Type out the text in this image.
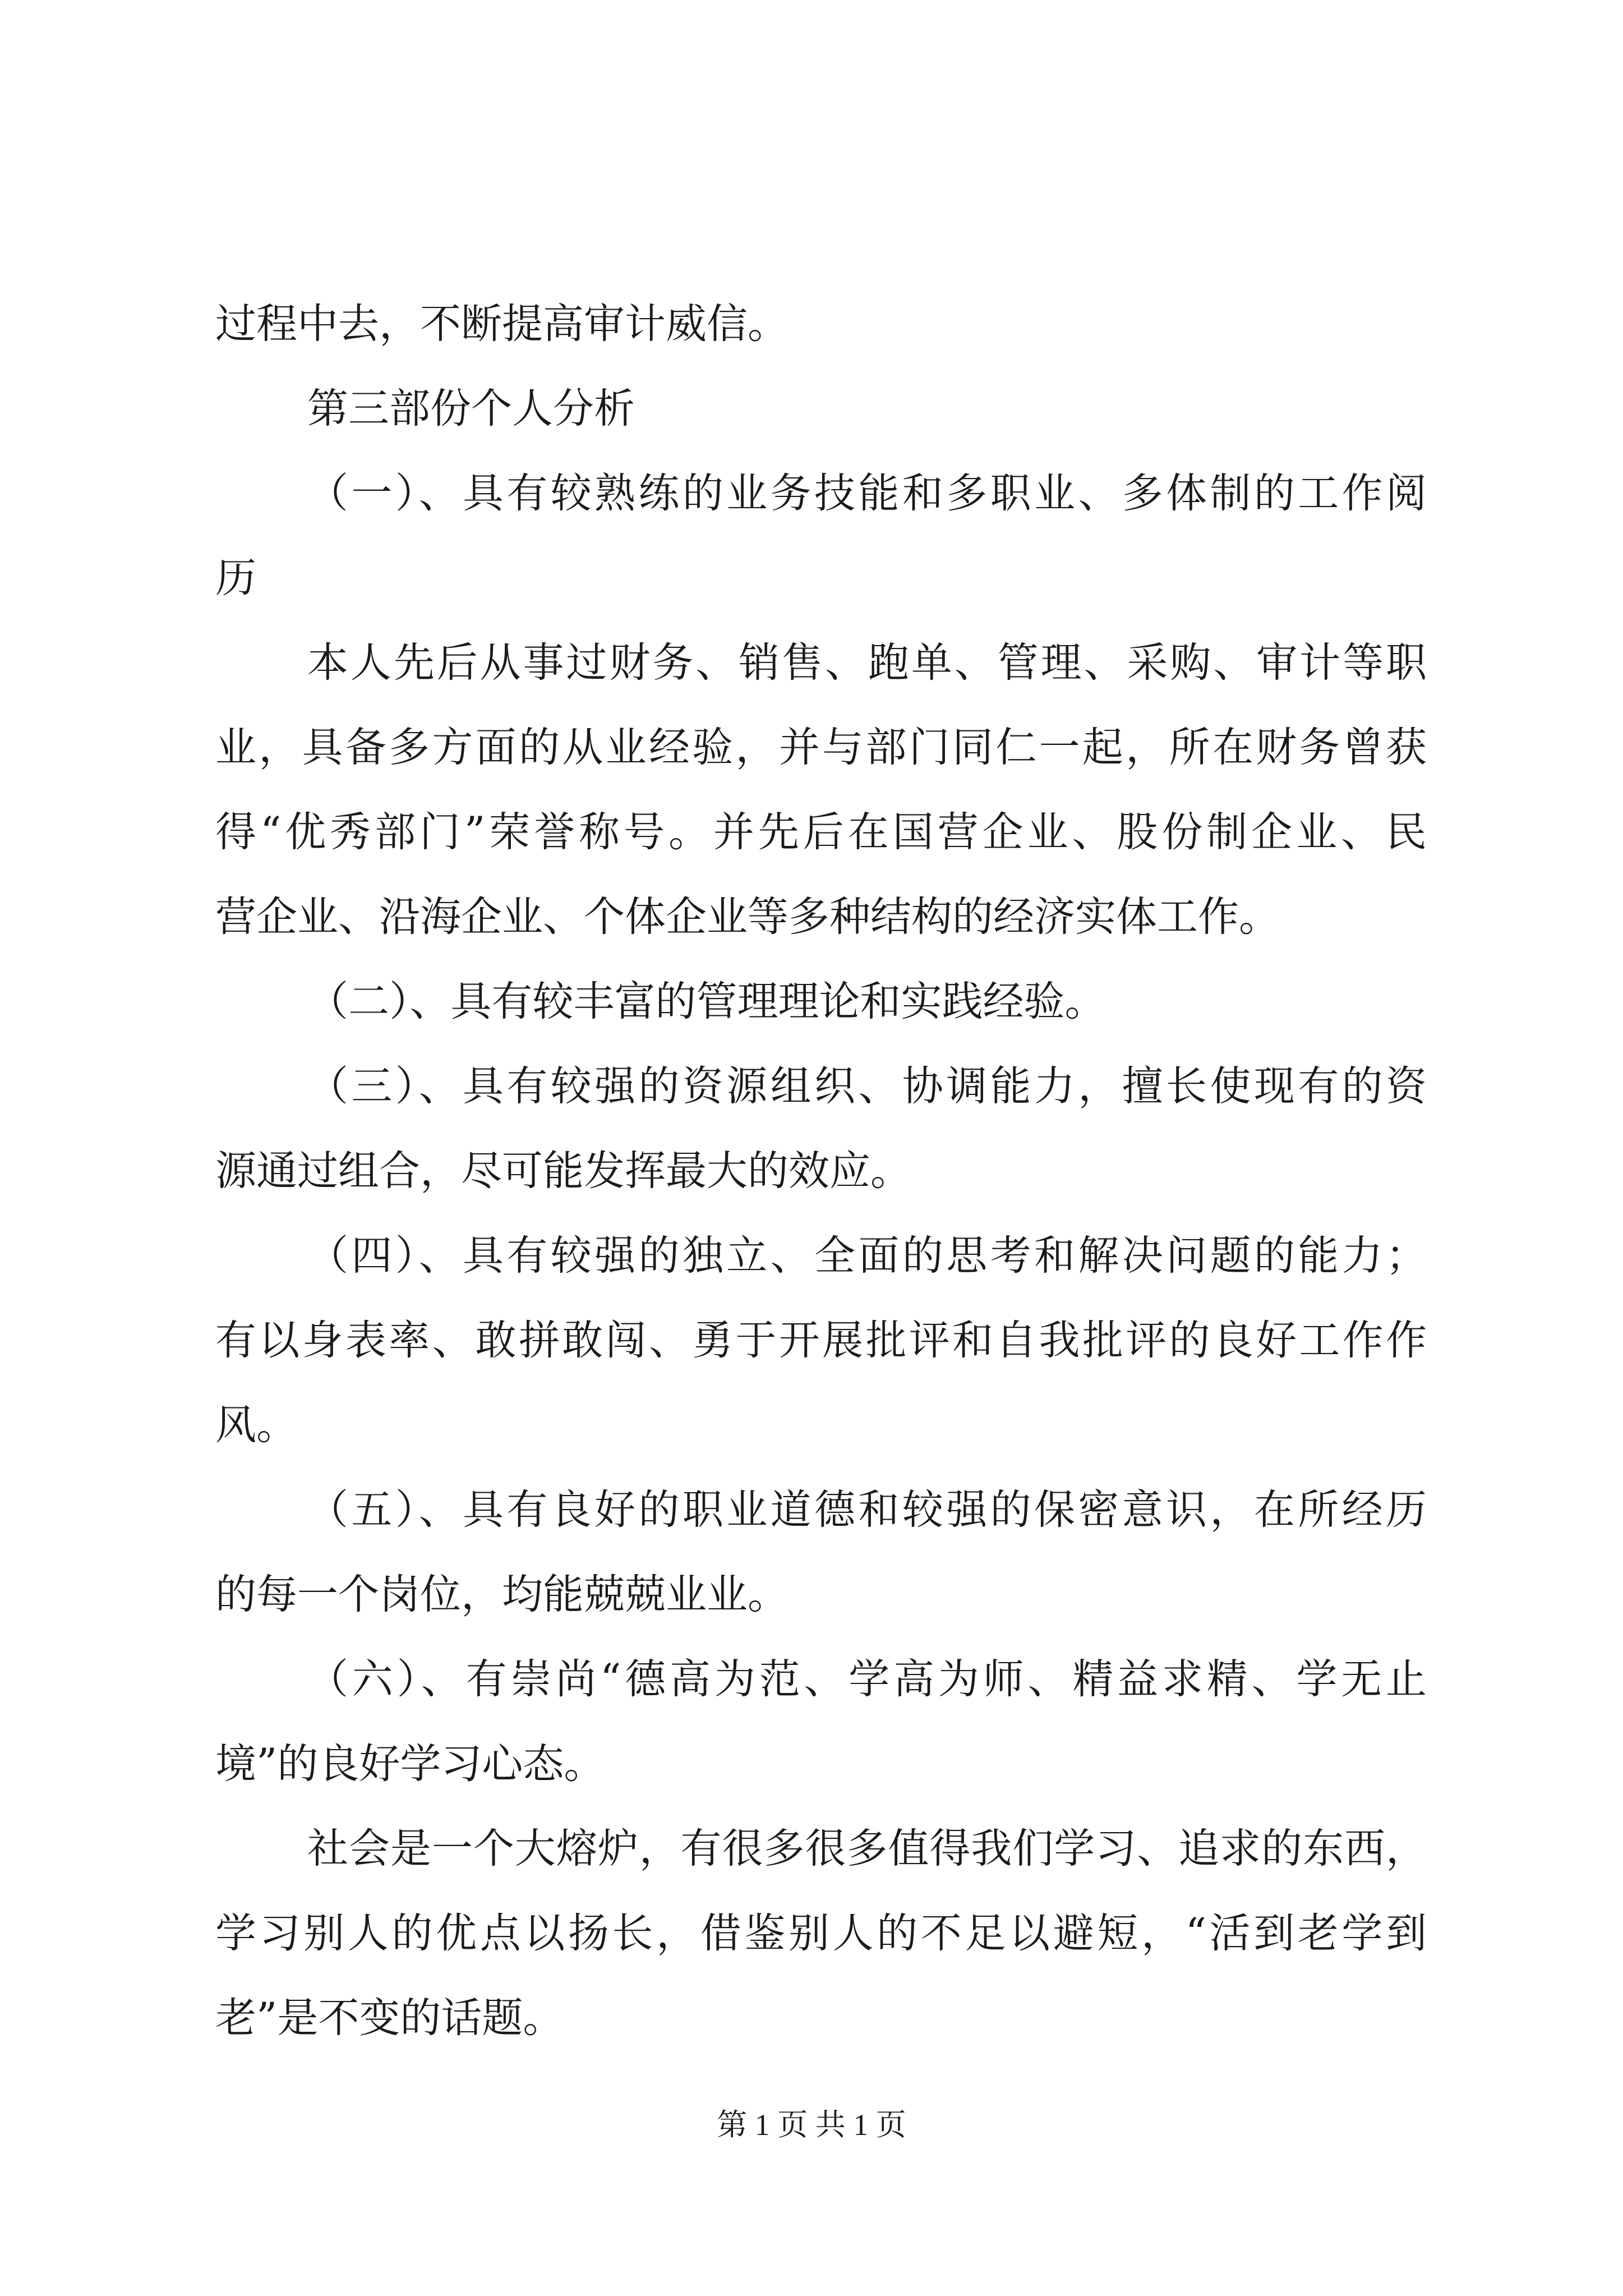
过程中去，不断提高审计威信。
第三部份个人分析
（一）、具有较熟练的业务技能和多职业、多体制的工作阅
历
本人先后从事过财务、销售、跑单、管理、采购、审计等职
业，具备多方面的从业经验，并与部门同仁一起，所在财务曾获
得“优秀部门”荣誉称号。并先后在国营企业、股份制企业、民
营企业、沿海企业、个体企业等多种结构的经济实体工作。
（二）、具有较丰富的管理理论和实践经验。
（三）、具有较强的资源组织、协调能力，擅长使现有的资
源通过组合，尽可能发挥最大的效应。
（四）、具有较强的独立、全面的思考和解决问题的能力；
有以身表率、敢拼敢闯、勇于开展批评和自我批评的良好工作作
风。
（五）、具有良好的职业道德和较强的保密意识，在所经历
的每一个岗位，均能兢兢业业。
（六）、有崇尚“德高为范、学高为师、精益求精、学无止
境”的良好学习心态。
社会是一个大熔炉，有很多很多值得我们学习、追求的东西，
学习别人的优点以扬长，借鉴别人的不足以避短，“活到老学到
老”是不变的话题。
第 1 页 共 1 页
